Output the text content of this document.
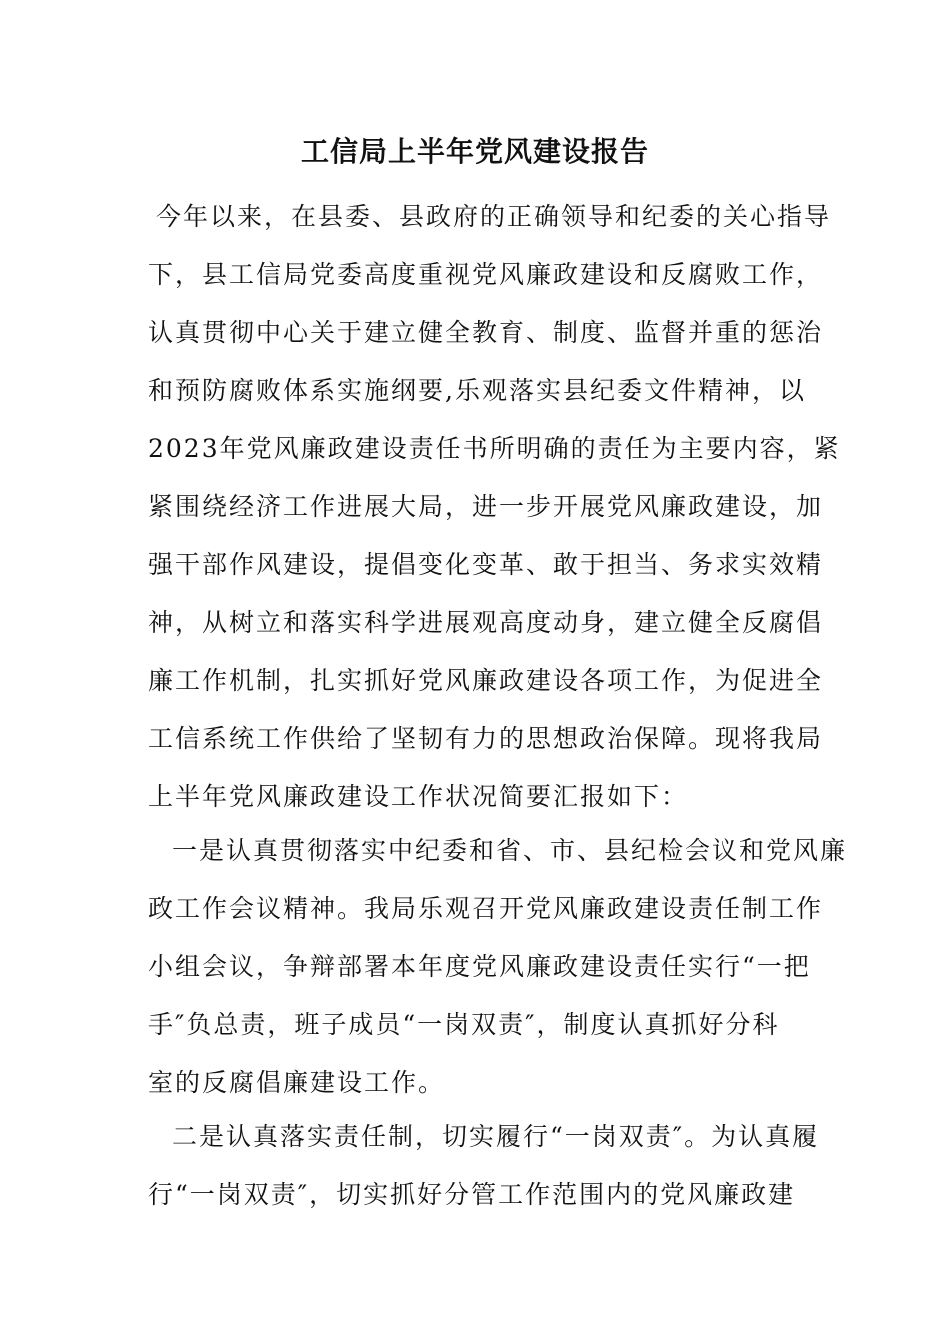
工信局上半年党风建设报告
今年以来，在县委、县政府的正确领导和纪委的关心指导
下，县工信局党委高度重视党风廉政建设和反腐败工作，
认真贯彻中心关于建立健全教育、制度、监督并重的惩治
和预防腐败体系实施纲要,乐观落实县纪委文件精神，以
2023年党风廉政建设责任书所明确的责任为主要内容，紧
紧围绕经济工作进展大局，进一步开展党风廉政建设，加
强干部作风建设，提倡变化变革、敢于担当、务求实效精
神，从树立和落实科学进展观高度动身，建立健全反腐倡
廉工作机制，扎实抓好党风廉政建设各项工作，为促进全
工信系统工作供给了坚韧有力的思想政治保障。现将我局
上半年党风廉政建设工作状况简要汇报如下：
一是认真贯彻落实中纪委和省、市、县纪检会议和党风廉
政工作会议精神。我局乐观召开党风廉政建设责任制工作
小组会议，争辩部署本年度党风廉政建设责任实行“一把
手″负总责，班子成员“一岗双责″，制度认真抓好分科
室的反腐倡廉建设工作。
二是认真落实责任制，切实履行“一岗双责″。为认真履
行“一岗双责″，切实抓好分管工作范围内的党风廉政建
